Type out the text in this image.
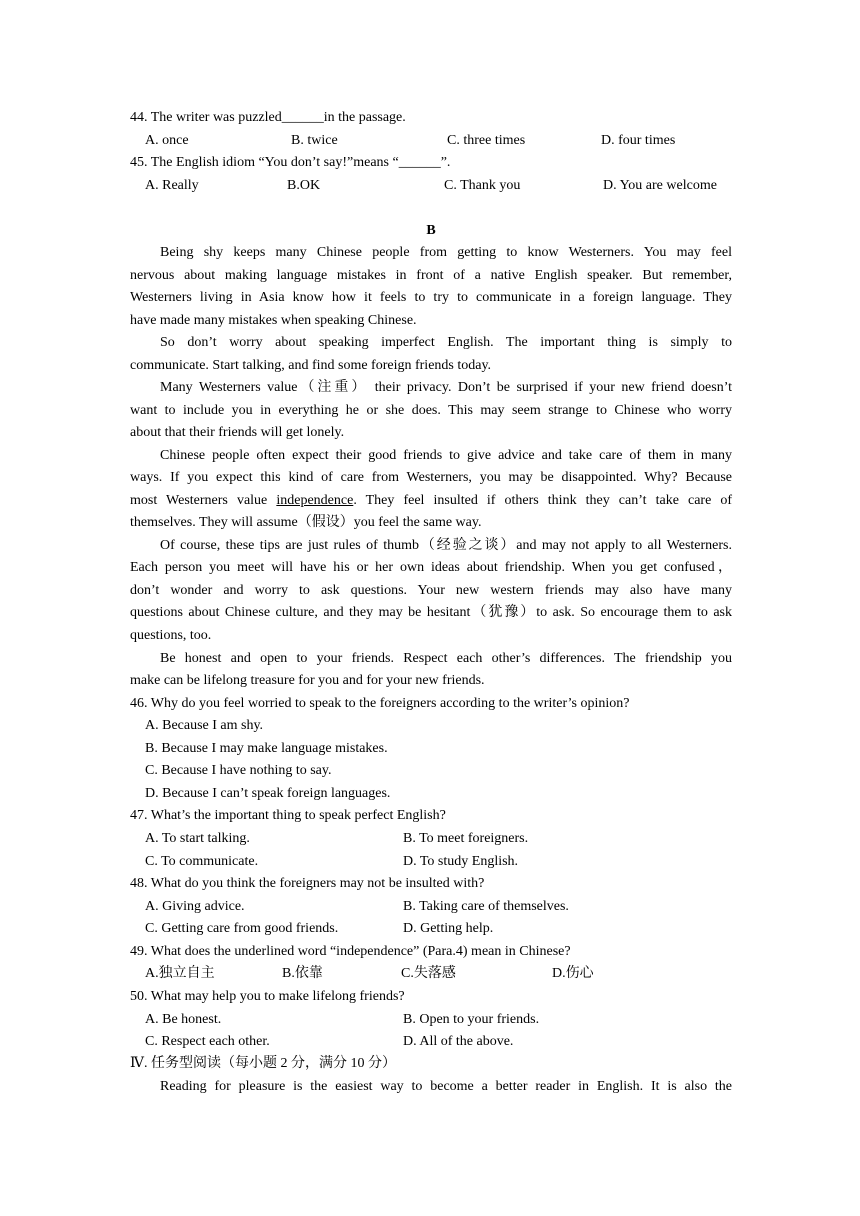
44. The writer was puzzled______in the passage.
A. once	B. twice	C. three times	D. four times
45. The English idiom “You don’t say!”means “______”.
A. Really	B.OK	C. Thank you	D. You are welcome
B
Being shy keeps many Chinese people from getting to know Westerners. You may feel
nervous about making language mistakes in front of a native English speaker. But remember,
Westerners living in Asia know how it feels to try to communicate in a foreign language. They
have made many mistakes when speaking Chinese.
So don’t worry about speaking imperfect English. The important thing is simply to
communicate. Start talking, and find some foreign friends today.
Many Westerners value（注重） their privacy. Don’t be surprised if your new friend doesn’t
want to include you in everything he or she does. This may seem strange to Chinese who worry
about that their friends will get lonely.
Chinese people often expect their good friends to give advice and take care of them in many
ways. If you expect this kind of care from Westerners, you may be disappointed. Why? Because
most Westerners value independence. They feel insulted if others think they can’t take care of
themselves. They will assume（假设）you feel the same way.
Of course, these tips are just rules of thumb（经验之谈）and may not apply to all Westerners.
Each person you meet will have his or her own ideas about friendship. When you get confused，
don’t wonder and worry to ask questions. Your new western friends may also have many
questions about Chinese culture, and they may be hesitant（犹豫）to ask. So encourage them to ask
questions, too.
Be honest and open to your friends. Respect each other’s differences. The friendship you
make can be lifelong treasure for you and for your new friends.
46. Why do you feel worried to speak to the foreigners according to the writer’s opinion?
A. Because I am shy.
B. Because I may make language mistakes.
C. Because I have nothing to say.
D. Because I can’t speak foreign languages.
47. What’s the important thing to speak perfect English?
A. To start talking.	B. To meet foreigners.
C. To communicate.	D. To study English.
48. What do you think the foreigners may not be insulted with?
A. Giving advice.	B. Taking care of themselves.
C. Getting care from good friends.	D. Getting help.
49. What does the underlined word “independence” (Para.4) mean in Chinese?
A.独立自主	B.依靠	C.失落感	D.伤心
50. What may help you to make lifelong friends?
A. Be honest.	B. Open to your friends.
C. Respect each other.	D. All of the above.
Ⅳ. 任务型阅读（每小题 2 分，满分 10 分）
Reading for pleasure is the easiest way to become a better reader in English. It is also the
